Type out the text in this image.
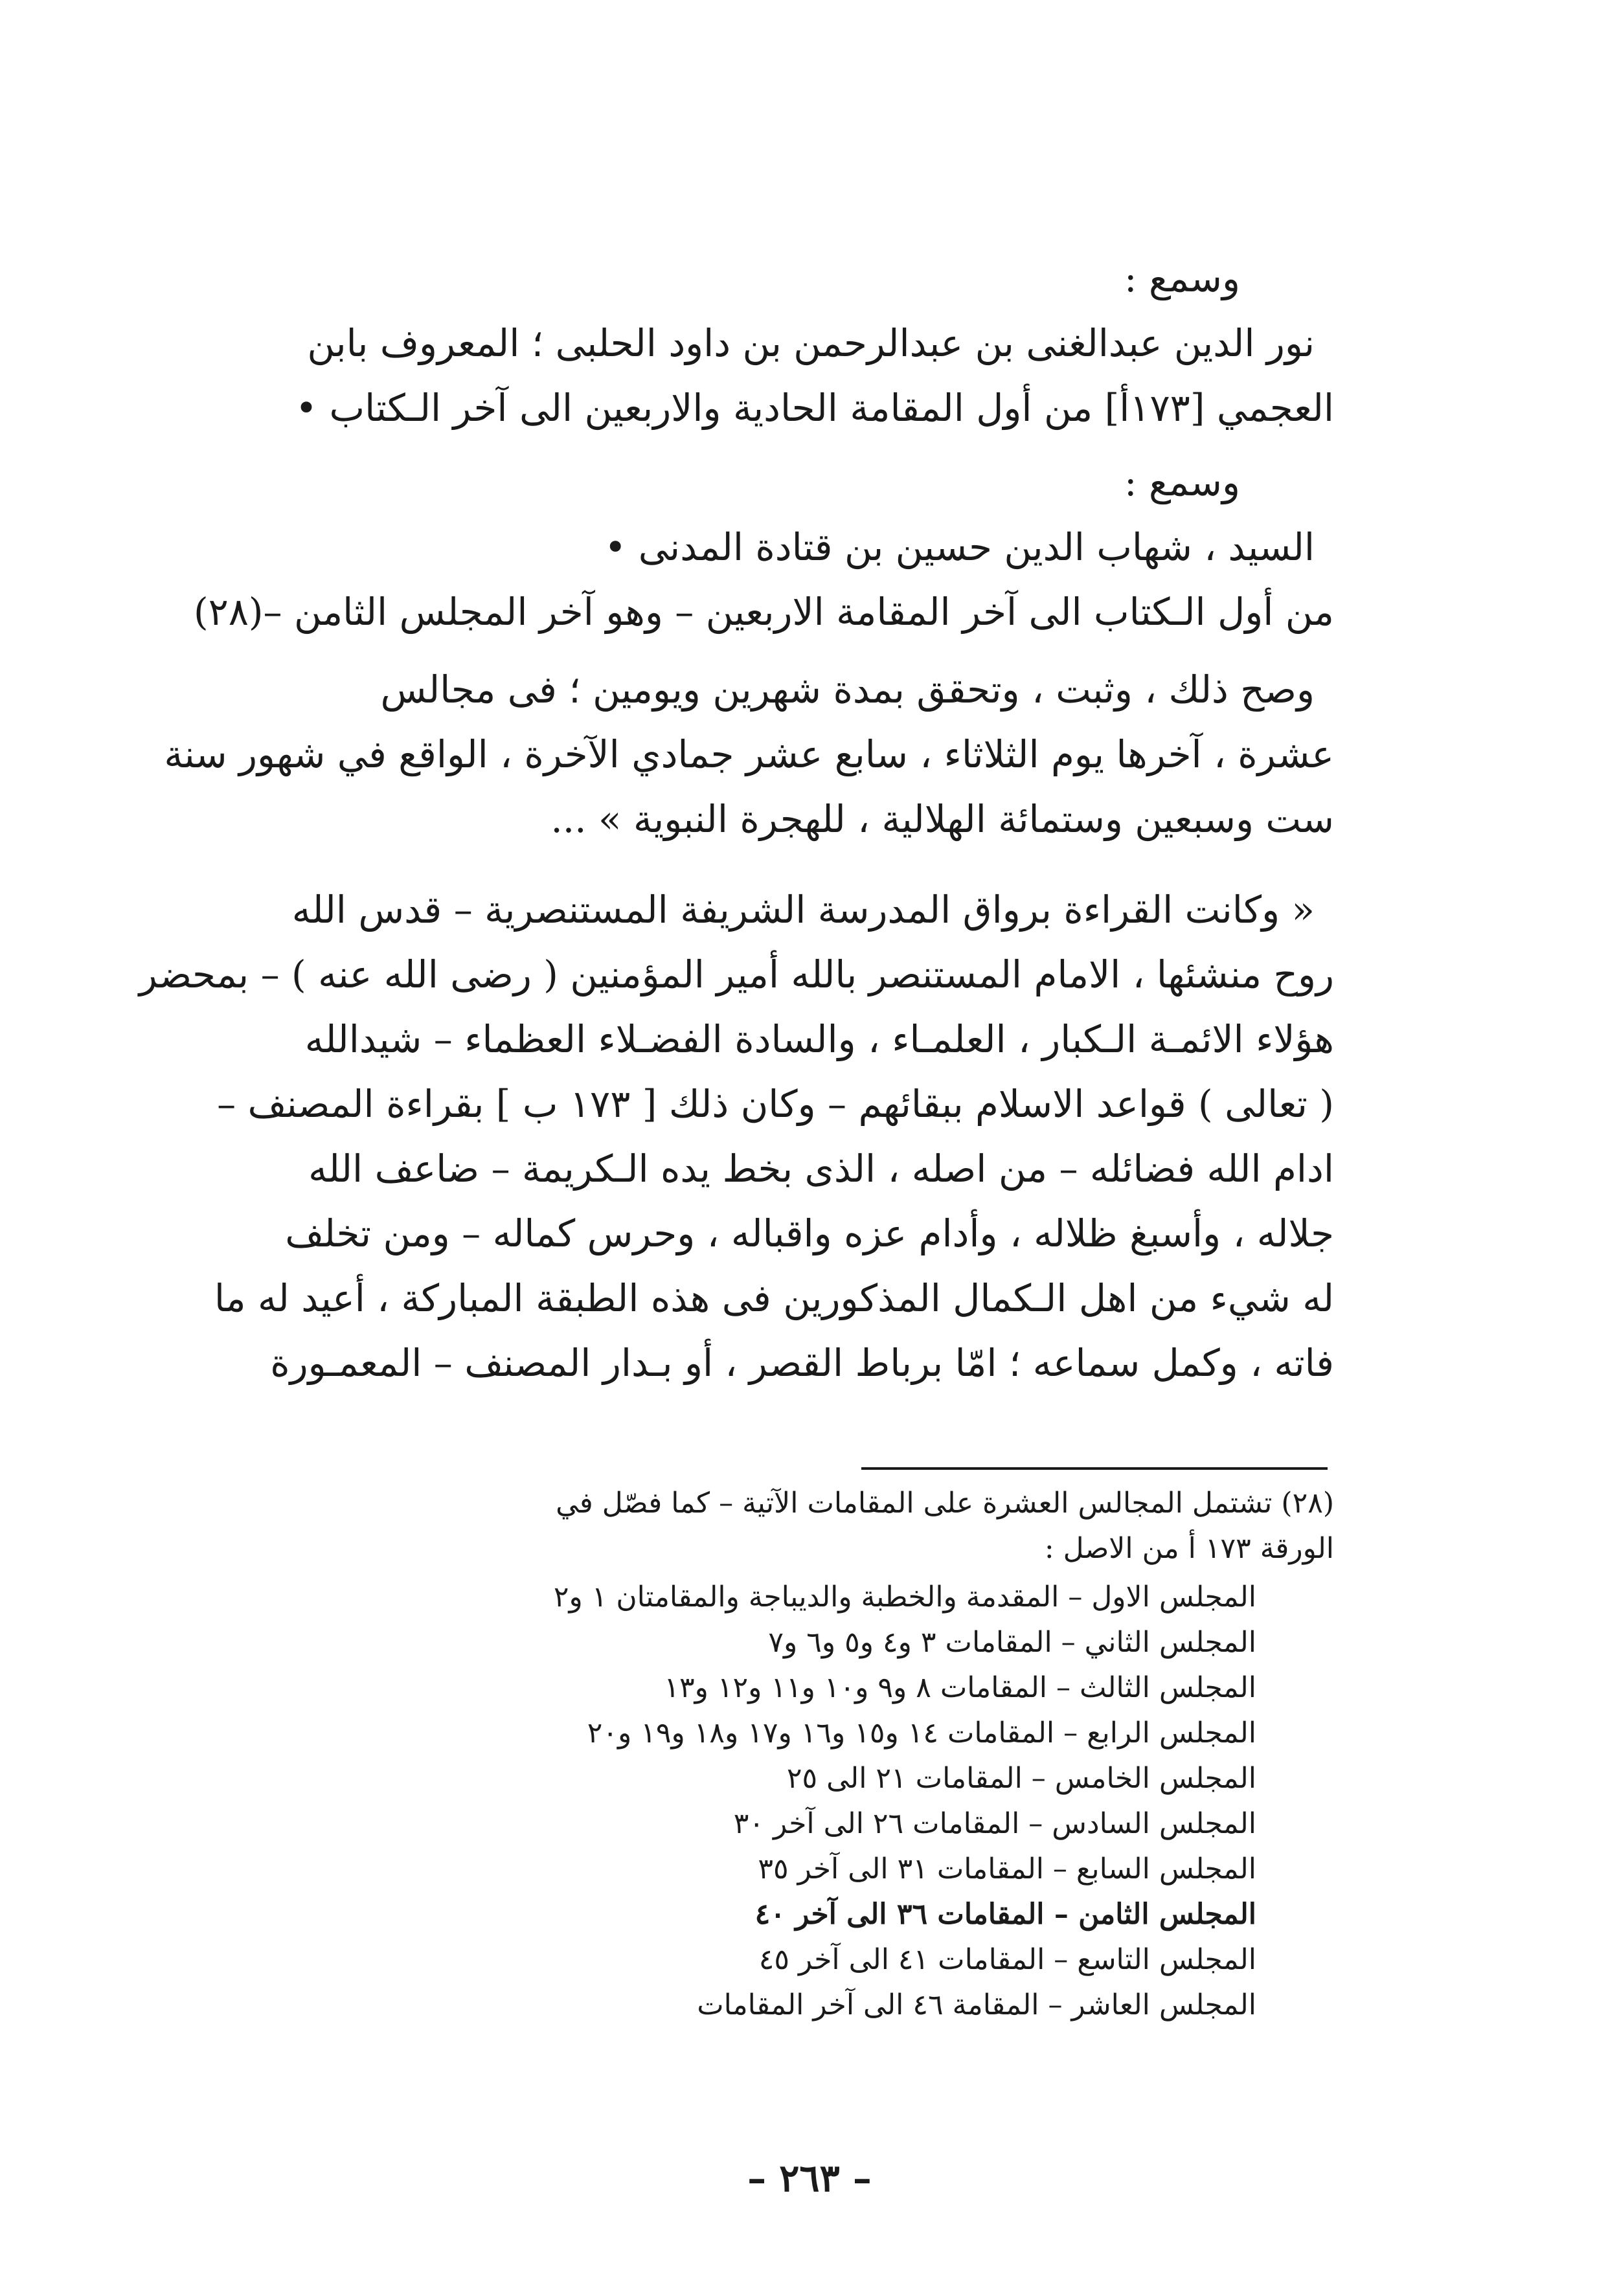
وسمع :
نور الدين عبدالغنى بن عبدالرحمن بن داود الحلبى ؛ المعروف بابن
العجمي [١٧٣أ] من أول المقامة الحادية والاربعين الى آخر الـكتاب •
وسمع :
السيد ، شهاب الدين حسين بن قتادة المدنى •
من أول الـكتاب الى آخر المقامة الاربعين – وهو آخر المجلس الثامن –(٢٨)
وصح ذلك ، وثبت ، وتحقق بمدة شهرين ويومين ؛ فى مجالس
عشرة ، آخرها يوم الثلاثاء ، سابع عشر جمادي الآخرة ، الواقع في شهور سنة
ست وسبعين وستمائة الهلالية ، للهجرة النبوية » ...
« وكانت القراءة برواق المدرسة الشريفة المستنصرية – قدس الله
روح منشئها ، الامام المستنصر بالله أمير المؤمنين ( رضى الله عنه ) – بمحضر
هؤلاء الائمـة الـكبار ، العلمـاء ، والسادة الفضـلاء العظماء – شيدالله
( تعالى ) قواعد الاسلام ببقائهم – وكان ذلك [ ١٧٣ ب ] بقراءة المصنف –
ادام الله فضائله – من اصله ، الذى بخط يده الـكريمة – ضاعف الله
جلاله ، وأسبغ ظلاله ، وأدام عزه واقباله ، وحرس كماله – ومن تخلف
له شيء من اهل الـكمال المذكورين فى هذه الطبقة المباركة ، أعيد له ما
فاته ، وكمل سماعه ؛ امّا برباط القصر ، أو بـدار المصنف – المعمـورة
(٢٨) تشتمل المجالس العشرة على المقامات الآتية – كما فصّل في
الورقة ١٧٣ أ من الاصل :
المجلس الاول – المقدمة والخطبة والديباجة والمقامتان ١ و٢
المجلس الثاني – المقامات ٣ و٤ و٥ و٦ و٧
المجلس الثالث – المقامات ٨ و٩ و١٠ و١١ و١٢ و١٣
المجلس الرابع – المقامات ١٤ و١٥ و١٦ و١٧ و١٨ و١٩ و٢٠
المجلس الخامس – المقامات ٢١ الى ٢٥
المجلس السادس – المقامات ٢٦ الى آخر ٣٠
المجلس السابع – المقامات ٣١ الى آخر ٣٥
المجلس الثامن – المقامات ٣٦ الى آخر ٤٠
المجلس التاسع – المقامات ٤١ الى آخر ٤٥
المجلس العاشر – المقامة ٤٦ الى آخر المقامات
– ٢٦٣ –
